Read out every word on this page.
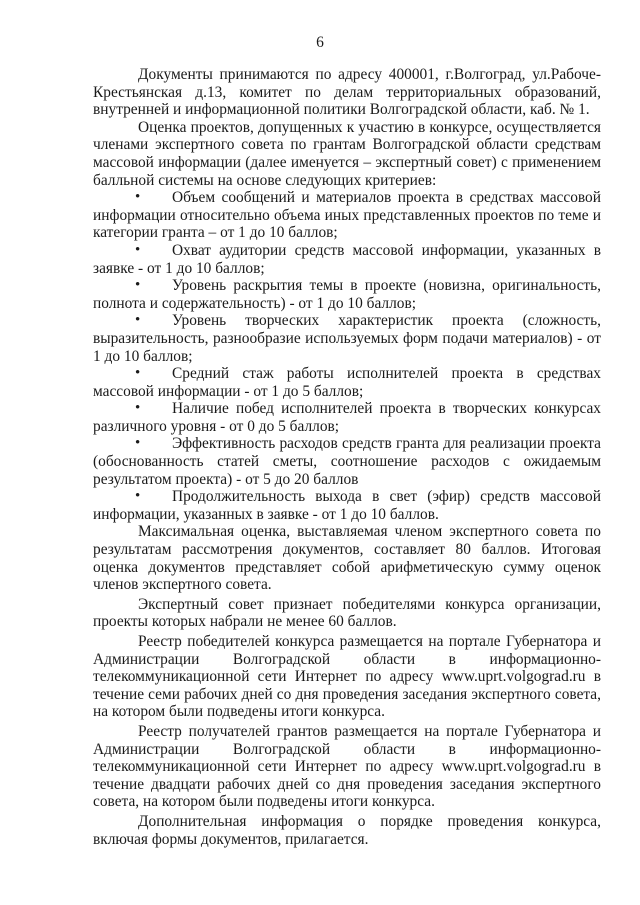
6

Документы принимаются по адресу 400001, г.Волгоград, ул.Рабоче-Крестьянская д.13, комитет по делам территориальных образований, внутренней и информационной политики Волгоградской области, каб. № 1.

Оценка проектов, допущенных к участию в конкурсе, осуществляется членами экспертного совета по грантам Волгоградской области средствам массовой информации (далее именуется – экспертный совет) с применением балльной системы на основе следующих критериев:

• Объем сообщений и материалов проекта в средствах массовой информации относительно объема иных представленных проектов по теме и категории гранта – от 1 до 10 баллов;
• Охват аудитории средств массовой информации, указанных в заявке - от 1 до 10 баллов;
• Уровень раскрытия темы в проекте (новизна, оригинальность, полнота и содержательность) - от 1 до 10 баллов;
• Уровень творческих характеристик проекта (сложность, выразительность, разнообразие используемых форм подачи материалов) - от 1 до 10 баллов;
• Средний стаж работы исполнителей проекта в средствах массовой информации - от 1 до 5 баллов;
• Наличие побед исполнителей проекта в творческих конкурсах различного уровня - от 0 до 5 баллов;
• Эффективность расходов средств гранта для реализации проекта (обоснованность статей сметы, соотношение расходов с ожидаемым результатом проекта) - от 5 до 20 баллов
• Продолжительность выхода в свет (эфир) средств массовой информации, указанных в заявке - от 1 до 10 баллов.

Максимальная оценка, выставляемая членом экспертного совета по результатам рассмотрения документов, составляет 80 баллов. Итоговая оценка документов представляет собой арифметическую сумму оценок членов экспертного совета.

Экспертный совет признает победителями конкурса организации, проекты которых набрали не менее 60 баллов.

Реестр победителей конкурса размещается на портале Губернатора и Администрации Волгоградской области в информационно-телекоммуникационной сети Интернет по адресу www.uprt.volgograd.ru в течение семи рабочих дней со дня проведения заседания экспертного совета, на котором были подведены итоги конкурса.

Реестр получателей грантов размещается на портале Губернатора и Администрации Волгоградской области в информационно-телекоммуникационной сети Интернет по адресу www.uprt.volgograd.ru в течение двадцати рабочих дней со дня проведения заседания экспертного совета, на котором были подведены итоги конкурса.

Дополнительная информация о порядке проведения конкурса, включая формы документов, прилагается.
